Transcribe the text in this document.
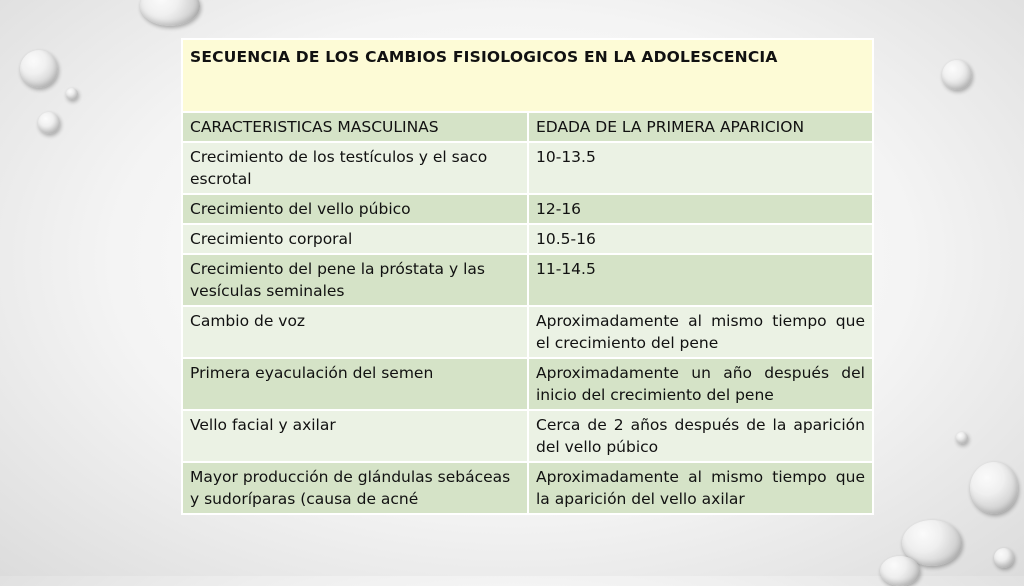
SECUENCIA DE LOS CAMBIOS FISIOLOGICOS EN LA ADOLESCENCIA	
CARACTERISTICAS MASCULINAS	EDADA DE LA PRIMERA APARICION
Crecimiento de los testículos y el saco escrotal	10-13.5
Crecimiento del vello púbico	12-16
Crecimiento corporal	10.5-16
Crecimiento del pene la próstata y las vesículas seminales	11-14.5
Cambio de voz	Aproximadamente al mismo tiempo que el crecimiento del pene
Primera eyaculación del semen	Aproximadamente un año después del inicio del crecimiento del pene
Vello facial y axilar	Cerca de 2 años después de la aparición del vello púbico
Mayor producción de glándulas sebáceas y sudoríparas (causa de acné	Aproximadamente al mismo tiempo que la aparición del vello axilar
